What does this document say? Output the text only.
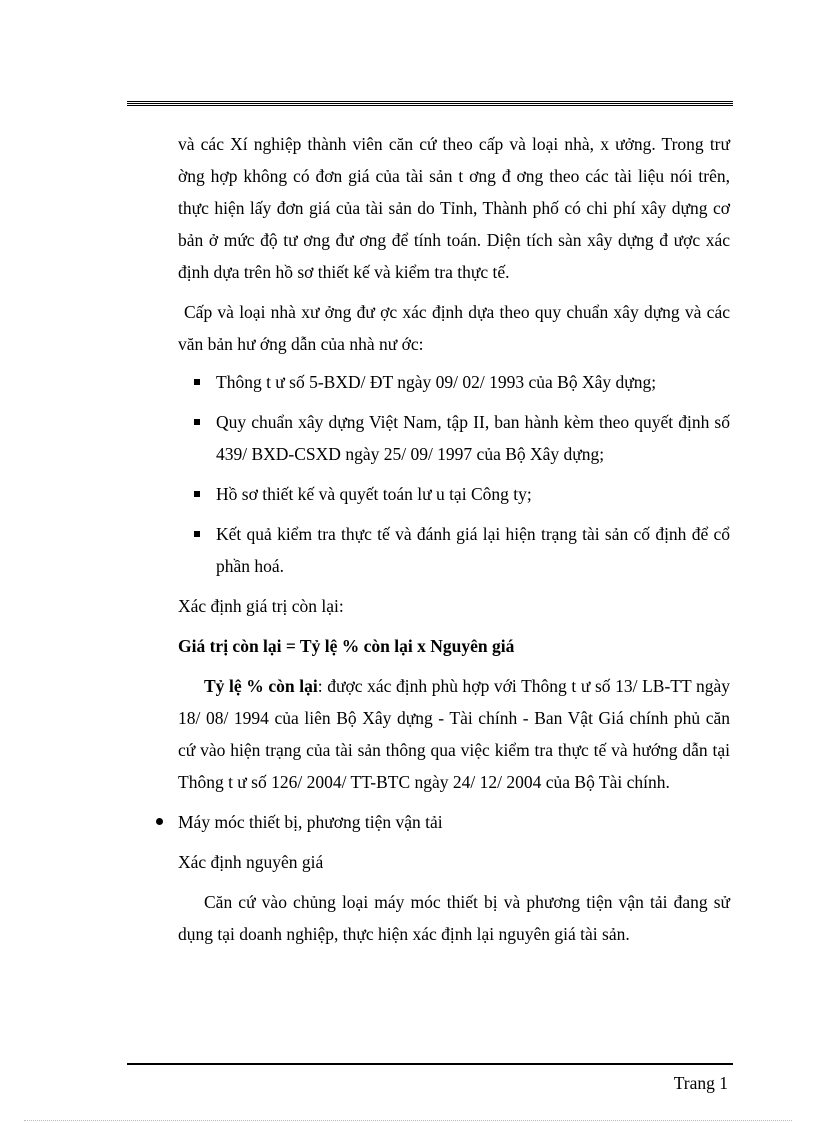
và các Xí nghiệp thành viên căn cứ theo cấp và loại nhà, x ưởng. Trong trư ờng hợp không có đơn giá của tài sản t ơng đ ơng theo các tài liệu nói trên, thực hiện lấy đơn giá của tài sản do Tỉnh, Thành phố có chi phí xây dựng cơ bản ở mức độ tư ơng đư ơng để tính toán. Diện tích sàn xây dựng đ ược xác định dựa trên hồ sơ thiết kế và kiểm tra thực tế.

Cấp và loại nhà xư ởng đư ợc xác định dựa theo quy chuẩn xây dựng và các văn bản hư ớng dẫn của nhà nư ớc:

Thông t ư số 5-BXD/ ĐT ngày 09/ 02/ 1993 của Bộ Xây dựng;
Quy chuẩn xây dựng Việt Nam, tập II, ban hành kèm theo quyết định số 439/ BXD-CSXD ngày 25/ 09/ 1997 của Bộ Xây dựng;
Hồ sơ thiết kế và quyết toán lư u tại Công ty;
Kết quả kiểm tra thực tế và đánh giá lại hiện trạng tài sản cố định để cổ phần hoá.

Xác định giá trị còn lại:

Giá trị còn lại = Tỷ lệ % còn lại x Nguyên giá

Tỷ lệ % còn lại: được xác định phù hợp với Thông t ư số 13/ LB-TT ngày 18/ 08/ 1994 của liên Bộ Xây dựng - Tài chính - Ban Vật Giá chính phủ căn cứ vào hiện trạng của tài sản thông qua việc kiểm tra thực tế và hướng dẫn tại Thông t ư số 126/ 2004/ TT-BTC ngày 24/ 12/ 2004 của Bộ Tài chính.

Máy móc thiết bị, phương tiện vận tải

Xác định nguyên giá

Căn cứ vào chủng loại máy móc thiết bị và phương tiện vận tải đang sử dụng tại doanh nghiệp, thực hiện xác định lại nguyên giá tài sản.

Trang 1
